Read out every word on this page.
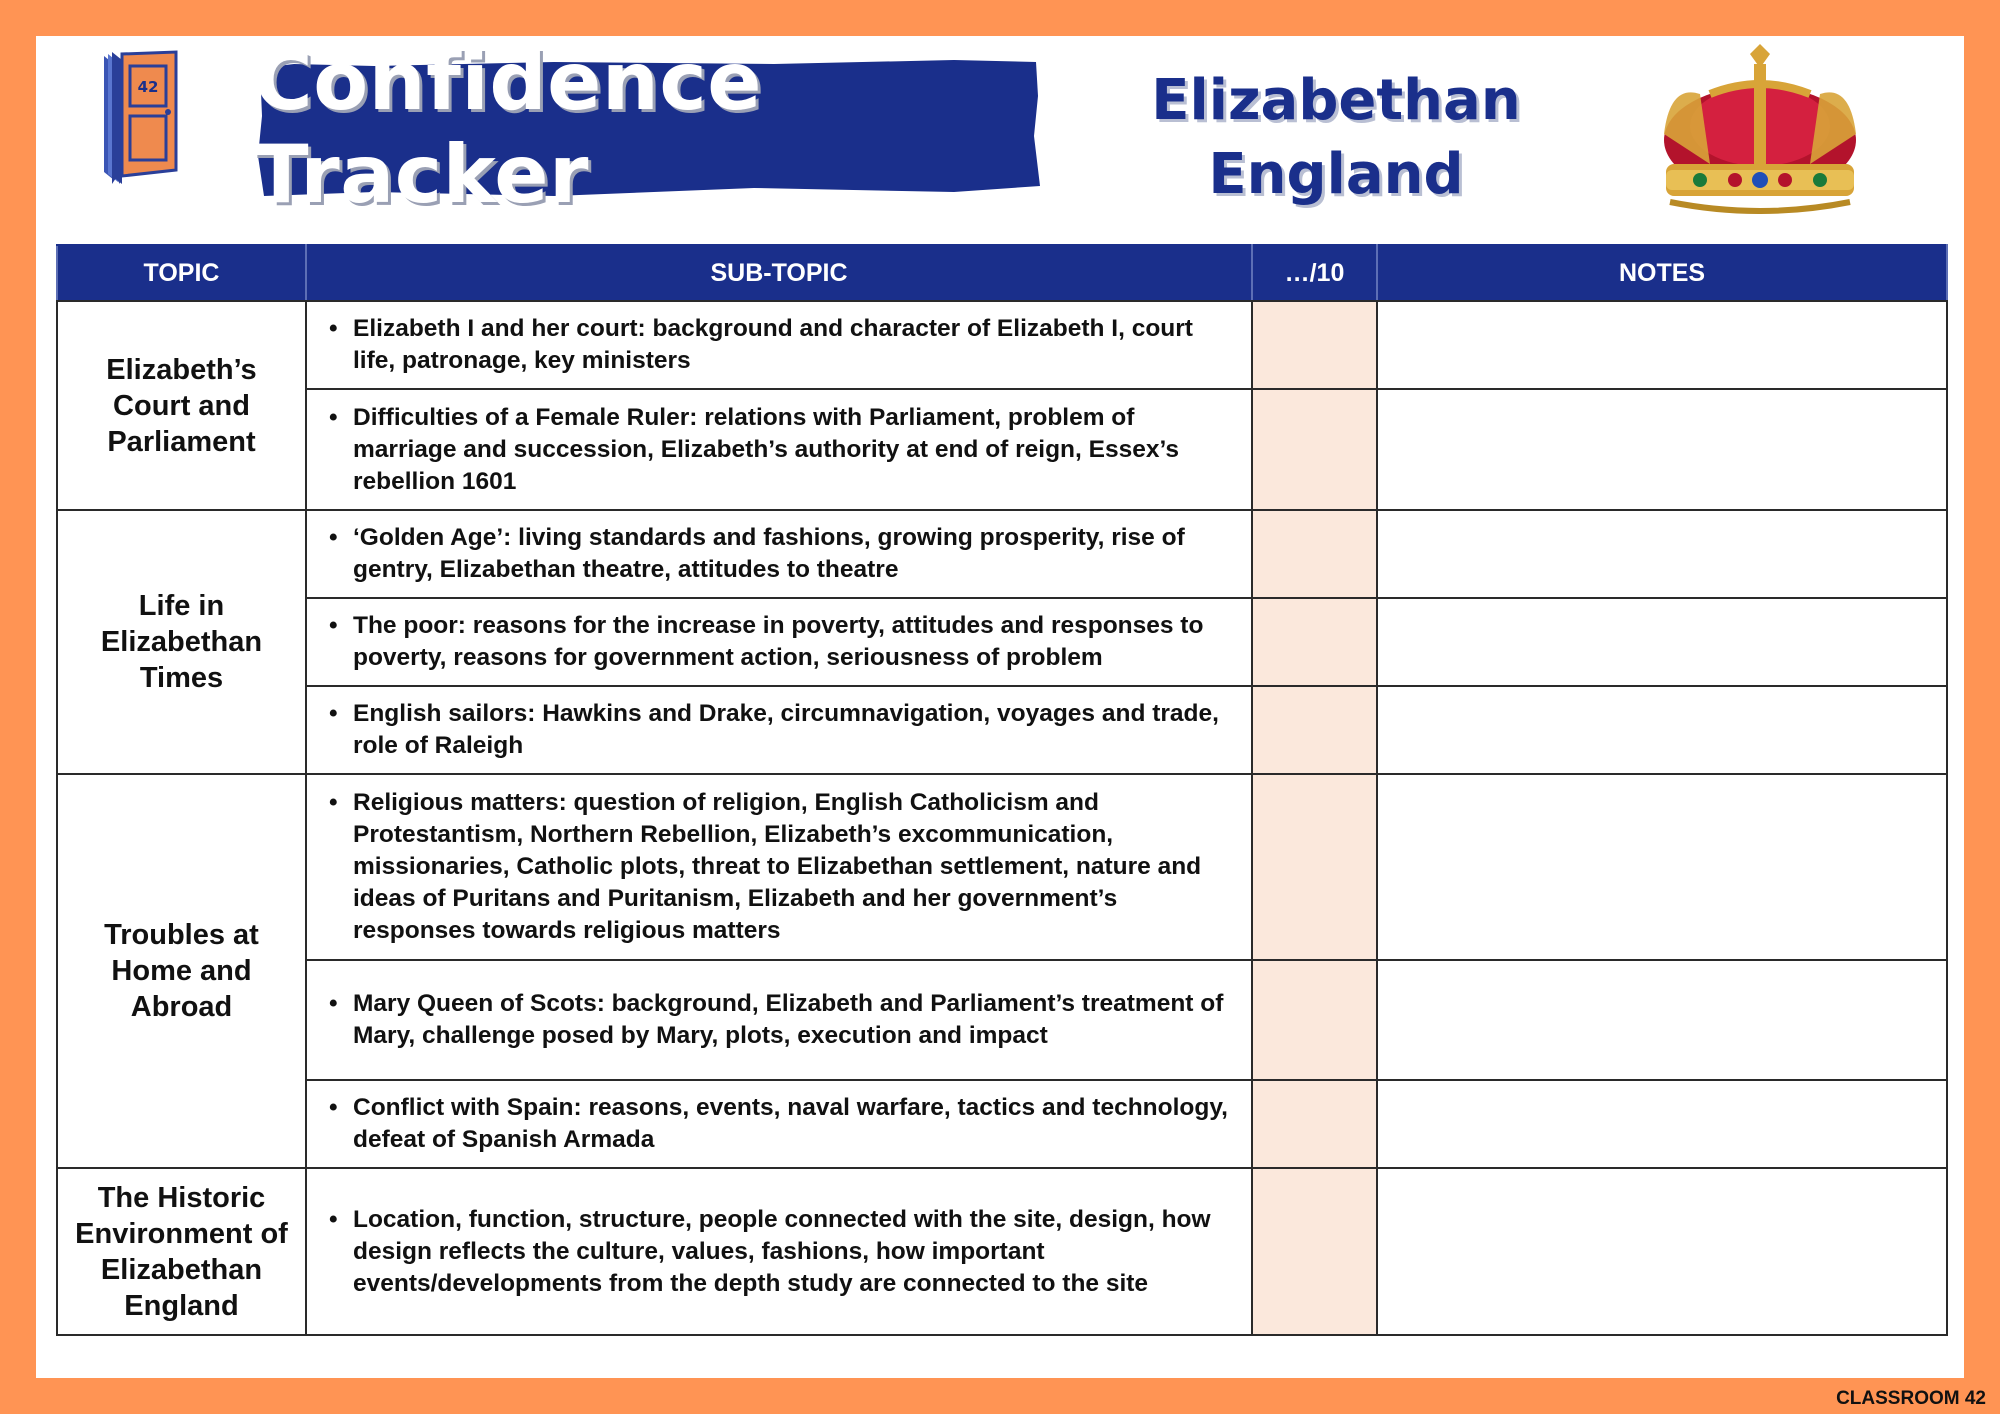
42 Confidence Tracker
Elizabethan
England
TOPIC	SUB-TOPIC	…/10	NOTES
Elizabeth’s Court and Parliament	• Elizabeth I and her court: background and character of Elizabeth I, court life, patronage, key ministers		

	• Difficulties of a Female Ruler: relations with Parliament, problem of marriage and succession, Elizabeth’s authority at end of reign, Essex’s rebellion 1601		

Life in Elizabethan Times	• ‘Golden Age’: living standards and fashions, growing prosperity, rise of gentry, Elizabethan theatre, attitudes to theatre		

	• The poor: reasons for the increase in poverty, attitudes and responses to poverty, reasons for government action, seriousness of problem		

	• English sailors: Hawkins and Drake, circumnavigation, voyages and trade, role of Raleigh		

Troubles at Home and Abroad	• Religious matters: question of religion, English Catholicism and Protestantism, Northern Rebellion, Elizabeth’s excommunication, missionaries, Catholic plots, threat to Elizabethan settlement, nature and ideas of Puritans and Puritanism, Elizabeth and her government’s responses towards religious matters		

	• Mary Queen of Scots: background, Elizabeth and Parliament’s treatment of Mary, challenge posed by Mary, plots, execution and impact		

	• Conflict with Spain: reasons, events, naval warfare, tactics and technology, defeat of Spanish Armada		

The Historic Environment of Elizabethan England	• Location, function, structure, people connected with the site, design, how design reflects the culture, values, fashions, how important events/developments from the depth study are connected to the site		

CLASSROOM 42
